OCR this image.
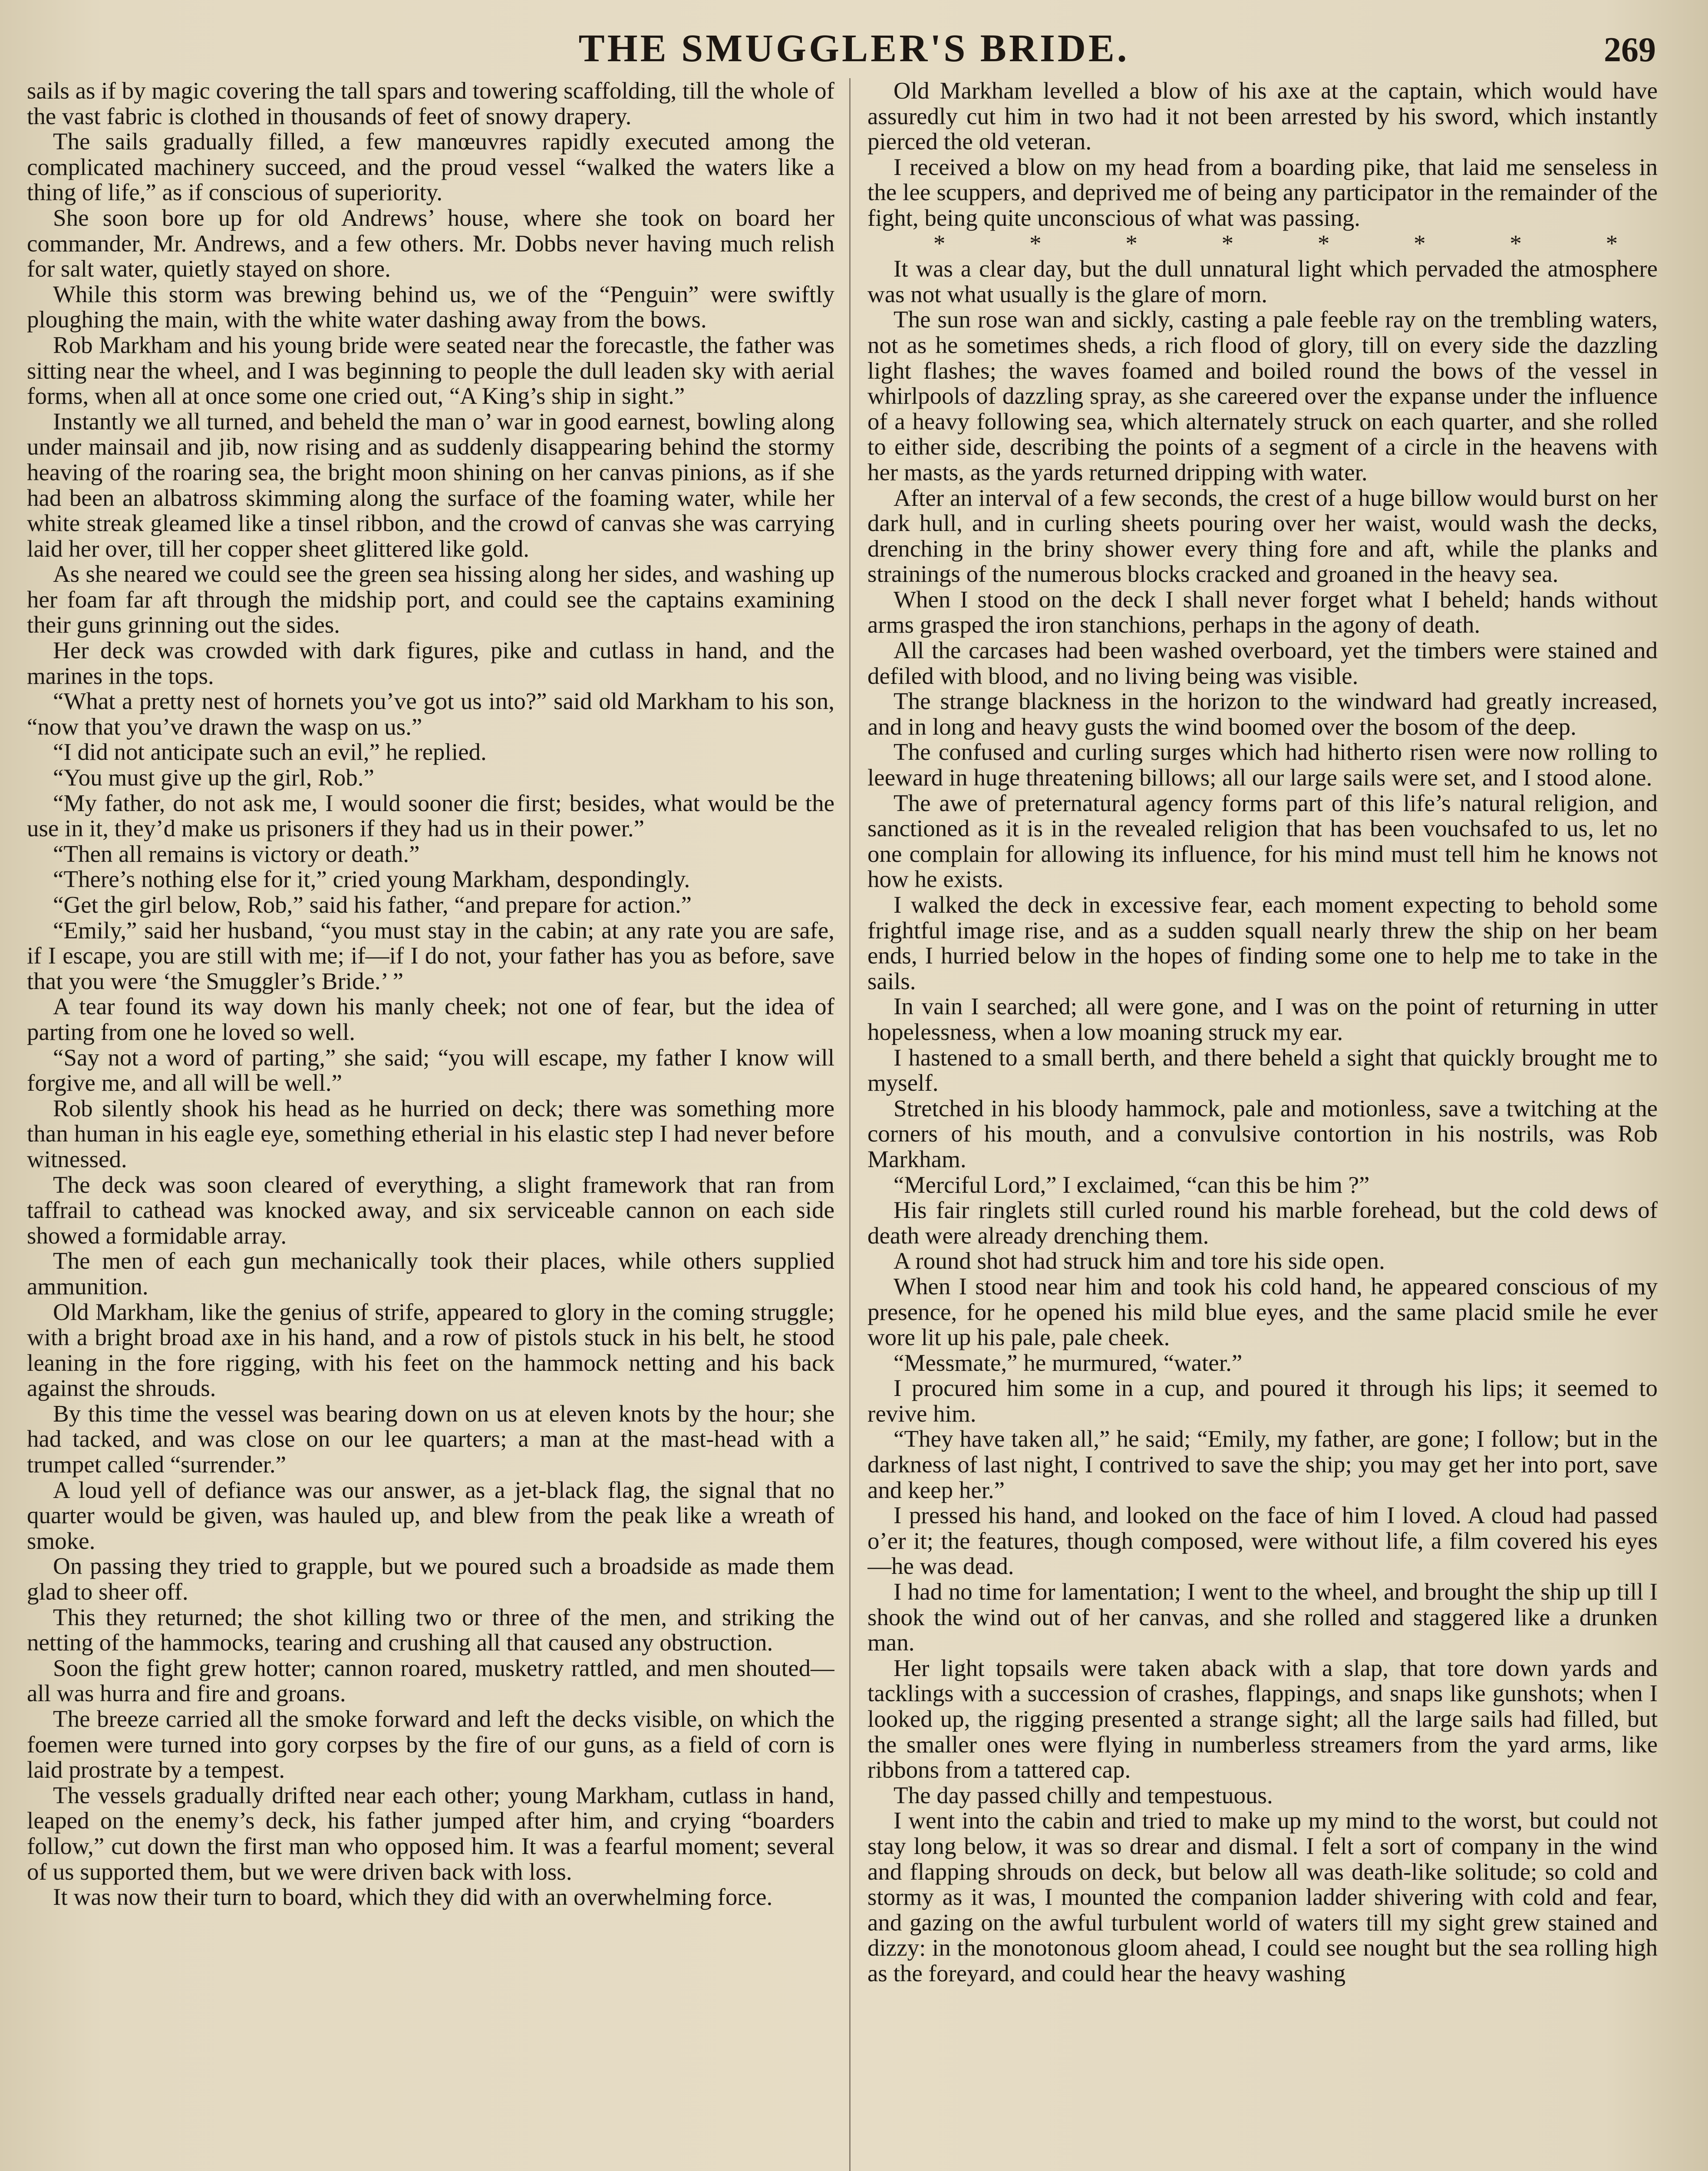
THE SMUGGLER'S BRIDE.	269

sails as if by magic covering the tall spars and towering scaffolding, till the whole of the vast fabric is clothed in thousands of feet of snowy drapery.

The sails gradually filled, a few manœuvres rapidly executed among the complicated machinery succeed, and the proud vessel “walked the waters like a thing of life,” as if conscious of superiority.

She soon bore up for old Andrews’ house, where she took on board her commander, Mr. Andrews, and a few others. Mr. Dobbs never having much relish for salt water, quietly stayed on shore.

While this storm was brewing behind us, we of the “Penguin” were swiftly ploughing the main, with the white water dashing away from the bows.

Rob Markham and his young bride were seated near the forecastle, the father was sitting near the wheel, and I was beginning to people the dull leaden sky with aerial forms, when all at once some one cried out, “A King’s ship in sight.”

Instantly we all turned, and beheld the man o’ war in good earnest, bowling along under mainsail and jib, now rising and as suddenly disappearing behind the stormy heaving of the roaring sea, the bright moon shining on her canvas pinions, as if she had been an albatross skimming along the surface of the foaming water, while her white streak gleamed like a tinsel ribbon, and the crowd of canvas she was carrying laid her over, till her copper sheet glittered like gold.

As she neared we could see the green sea hissing along her sides, and washing up her foam far aft through the midship port, and could see the captains examining their guns grinning out the sides.

Her deck was crowded with dark figures, pike and cutlass in hand, and the marines in the tops.

“What a pretty nest of hornets you’ve got us into?” said old Markham to his son, “now that you’ve drawn the wasp on us.”

“I did not anticipate such an evil,” he replied.

“You must give up the girl, Rob.”

“My father, do not ask me, I would sooner die first; besides, what would be the use in it, they’d make us prisoners if they had us in their power.”

“Then all remains is victory or death.”

“There’s nothing else for it,” cried young Markham, despondingly.

“Get the girl below, Rob,” said his father, “and prepare for action.”

“Emily,” said her husband, “you must stay in the cabin; at any rate you are safe, if I escape, you are still with me; if—if I do not, your father has you as before, save that you were ‘the Smuggler’s Bride.’ ”

A tear found its way down his manly cheek; not one of fear, but the idea of parting from one he loved so well.

“Say not a word of parting,” she said; “you will escape, my father I know will forgive me, and all will be well.”

Rob silently shook his head as he hurried on deck; there was something more than human in his eagle eye, something etherial in his elastic step I had never before witnessed.

The deck was soon cleared of everything, a slight framework that ran from taffrail to cathead was knocked away, and six serviceable cannon on each side showed a formidable array.

The men of each gun mechanically took their places, while others supplied ammunition.

Old Markham, like the genius of strife, appeared to glory in the coming struggle; with a bright broad axe in his hand, and a row of pistols stuck in his belt, he stood leaning in the fore rigging, with his feet on the hammock netting and his back against the shrouds.

By this time the vessel was bearing down on us at eleven knots by the hour; she had tacked, and was close on our lee quarters; a man at the mast-head with a trumpet called “surrender.”

A loud yell of defiance was our answer, as a jet-black flag, the signal that no quarter would be given, was hauled up, and blew from the peak like a wreath of smoke.

On passing they tried to grapple, but we poured such a broadside as made them glad to sheer off.

This they returned; the shot killing two or three of the men, and striking the netting of the hammocks, tearing and crushing all that caused any obstruction.

Soon the fight grew hotter; cannon roared, musketry rattled, and men shouted—all was hurra and fire and groans.

The breeze carried all the smoke forward and left the decks visible, on which the foemen were turned into gory corpses by the fire of our guns, as a field of corn is laid prostrate by a tempest.

The vessels gradually drifted near each other; young Markham, cutlass in hand, leaped on the enemy’s deck, his father jumped after him, and crying “boarders follow,” cut down the first man who opposed him. It was a fearful moment; several of us supported them, but we were driven back with loss.

It was now their turn to board, which they did with an overwhelming force.

Old Markham levelled a blow of his axe at the captain, which would have assuredly cut him in two had it not been arrested by his sword, which instantly pierced the old veteran.

I received a blow on my head from a boarding pike, that laid me senseless in the lee scuppers, and deprived me of being any participator in the remainder of the fight, being quite unconscious of what was passing.

* * * * * * * *

It was a clear day, but the dull unnatural light which pervaded the atmosphere was not what usually is the glare of morn.

The sun rose wan and sickly, casting a pale feeble ray on the trembling waters, not as he sometimes sheds, a rich flood of glory, till on every side the dazzling light flashes; the waves foamed and boiled round the bows of the vessel in whirlpools of dazzling spray, as she careered over the expanse under the influence of a heavy following sea, which alternately struck on each quarter, and she rolled to either side, describing the points of a segment of a circle in the heavens with her masts, as the yards returned dripping with water.

After an interval of a few seconds, the crest of a huge billow would burst on her dark hull, and in curling sheets pouring over her waist, would wash the decks, drenching in the briny shower every thing fore and aft, while the planks and strainings of the numerous blocks cracked and groaned in the heavy sea.

When I stood on the deck I shall never forget what I beheld; hands without arms grasped the iron stanchions, perhaps in the agony of death.

All the carcases had been washed overboard, yet the timbers were stained and defiled with blood, and no living being was visible.

The strange blackness in the horizon to the windward had greatly increased, and in long and heavy gusts the wind boomed over the bosom of the deep.

The confused and curling surges which had hitherto risen were now rolling to leeward in huge threatening billows; all our large sails were set, and I stood alone.

The awe of preternatural agency forms part of this life’s natural religion, and sanctioned as it is in the revealed religion that has been vouchsafed to us, let no one complain for allowing its influence, for his mind must tell him he knows not how he exists.

I walked the deck in excessive fear, each moment expecting to behold some frightful image rise, and as a sudden squall nearly threw the ship on her beam ends, I hurried below in the hopes of finding some one to help me to take in the sails.

In vain I searched; all were gone, and I was on the point of returning in utter hopelessness, when a low moaning struck my ear.

I hastened to a small berth, and there beheld a sight that quickly brought me to myself.

Stretched in his bloody hammock, pale and motionless, save a twitching at the corners of his mouth, and a convulsive contortion in his nostrils, was Rob Markham.

“Merciful Lord,” I exclaimed, “can this be him ?”

His fair ringlets still curled round his marble forehead, but the cold dews of death were already drenching them.

A round shot had struck him and tore his side open.

When I stood near him and took his cold hand, he appeared conscious of my presence, for he opened his mild blue eyes, and the same placid smile he ever wore lit up his pale, pale cheek.

“Messmate,” he murmured, “water.”

I procured him some in a cup, and poured it through his lips; it seemed to revive him.

“They have taken all,” he said; “Emily, my father, are gone; I follow; but in the darkness of last night, I contrived to save the ship; you may get her into port, save and keep her.”

I pressed his hand, and looked on the face of him I loved. A cloud had passed o’er it; the features, though composed, were without life, a film covered his eyes—he was dead.

I had no time for lamentation; I went to the wheel, and brought the ship up till I shook the wind out of her canvas, and she rolled and staggered like a drunken man.

Her light topsails were taken aback with a slap, that tore down yards and tacklings with a succession of crashes, flappings, and snaps like gunshots; when I looked up, the rigging presented a strange sight; all the large sails had filled, but the smaller ones were flying in numberless streamers from the yard arms, like ribbons from a tattered cap.

The day passed chilly and tempestuous.

I went into the cabin and tried to make up my mind to the worst, but could not stay long below, it was so drear and dismal. I felt a sort of company in the wind and flapping shrouds on deck, but below all was death-like solitude; so cold and stormy as it was, I mounted the companion ladder shivering with cold and fear, and gazing on the awful turbulent world of waters till my sight grew stained and dizzy: in the monotonous gloom ahead, I could see nought but the sea rolling high as the foreyard, and could hear the heavy washing
